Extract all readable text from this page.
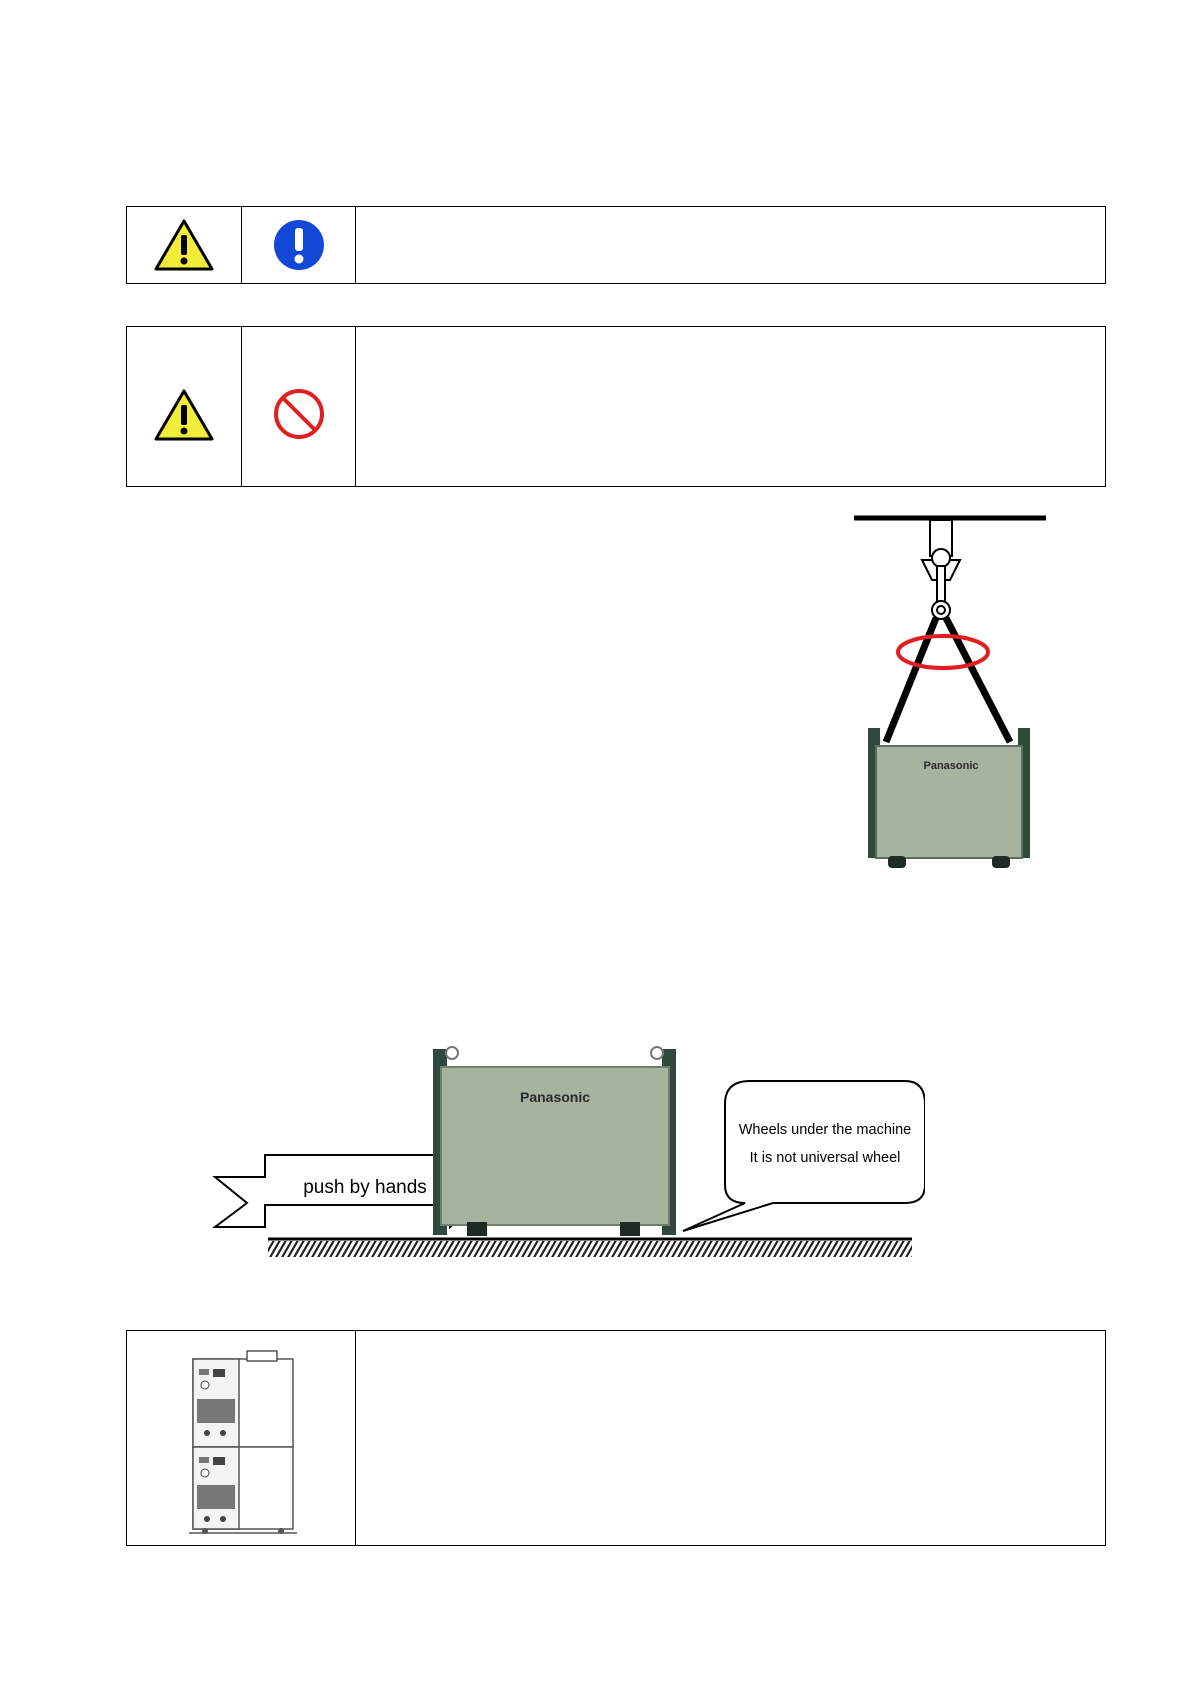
Panasonic
push by hands
Panasonic
Wheels under the machine
It is not universal wheel
